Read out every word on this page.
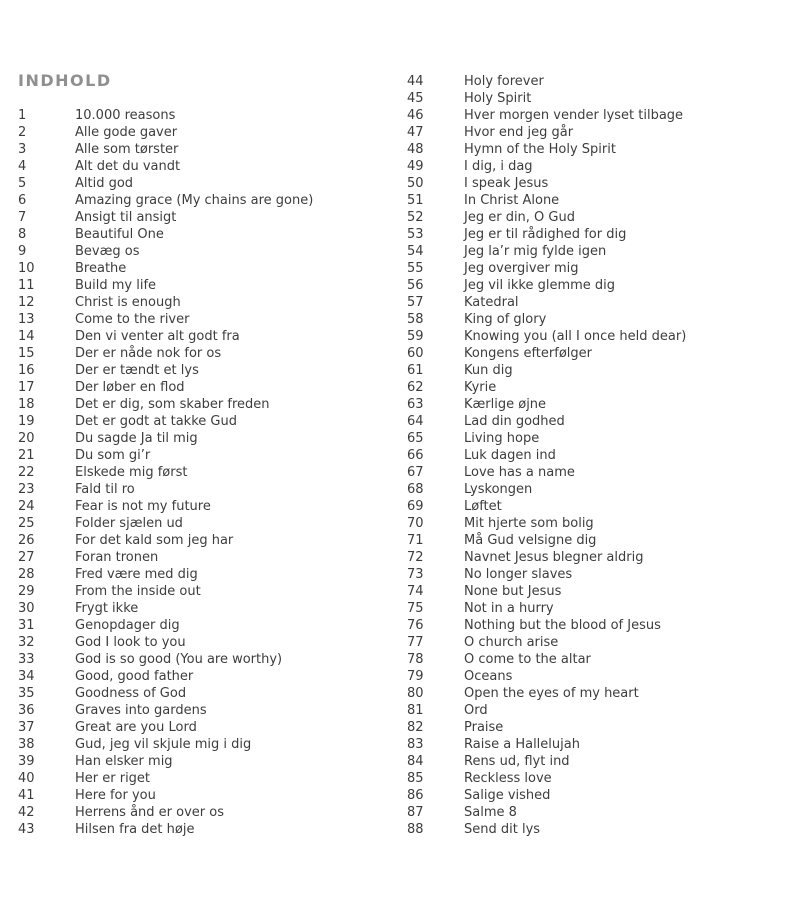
INDHOLD
1	10.000 reasons
2	Alle gode gaver
3	Alle som tørster
4	Alt det du vandt
5	Altid god
6	Amazing grace (My chains are gone)
7	Ansigt til ansigt
8	Beautiful One
9	Bevæg os
10	Breathe
11	Build my life
12	Christ is enough
13	Come to the river
14	Den vi venter alt godt fra
15	Der er nåde nok for os
16	Der er tændt et lys
17	Der løber en flod
18	Det er dig, som skaber freden
19	Det er godt at takke Gud
20	Du sagde Ja til mig
21	Du som gi’r
22	Elskede mig først
23	Fald til ro
24	Fear is not my future
25	Folder sjælen ud
26	For det kald som jeg har
27	Foran tronen
28	Fred være med dig
29	From the inside out
30	Frygt ikke
31	Genopdager dig
32	God I look to you
33	God is so good (You are worthy)
34	Good, good father
35	Goodness of God
36	Graves into gardens
37	Great are you Lord
38	Gud, jeg vil skjule mig i dig
39	Han elsker mig
40	Her er riget
41	Here for you
42	Herrens ånd er over os
43	Hilsen fra det høje
44	Holy forever
45	Holy Spirit
46	Hver morgen vender lyset tilbage
47	Hvor end jeg går
48	Hymn of the Holy Spirit
49	I dig, i dag
50	I speak Jesus
51	In Christ Alone
52	Jeg er din, O Gud
53	Jeg er til rådighed for dig
54	Jeg la’r mig fylde igen
55	Jeg overgiver mig
56	Jeg vil ikke glemme dig
57	Katedral
58	King of glory
59	Knowing you (all I once held dear)
60	Kongens efterfølger
61	Kun dig
62	Kyrie
63	Kærlige øjne
64	Lad din godhed
65	Living hope
66	Luk dagen ind
67	Love has a name
68	Lyskongen
69	Løftet
70	Mit hjerte som bolig
71	Må Gud velsigne dig
72	Navnet Jesus blegner aldrig
73	No longer slaves
74	None but Jesus
75	Not in a hurry
76	Nothing but the blood of Jesus
77	O church arise
78	O come to the altar
79	Oceans
80	Open the eyes of my heart
81	Ord
82	Praise
83	Raise a Hallelujah
84	Rens ud, flyt ind
85	Reckless love
86	Salige vished
87	Salme 8
88	Send dit lys
